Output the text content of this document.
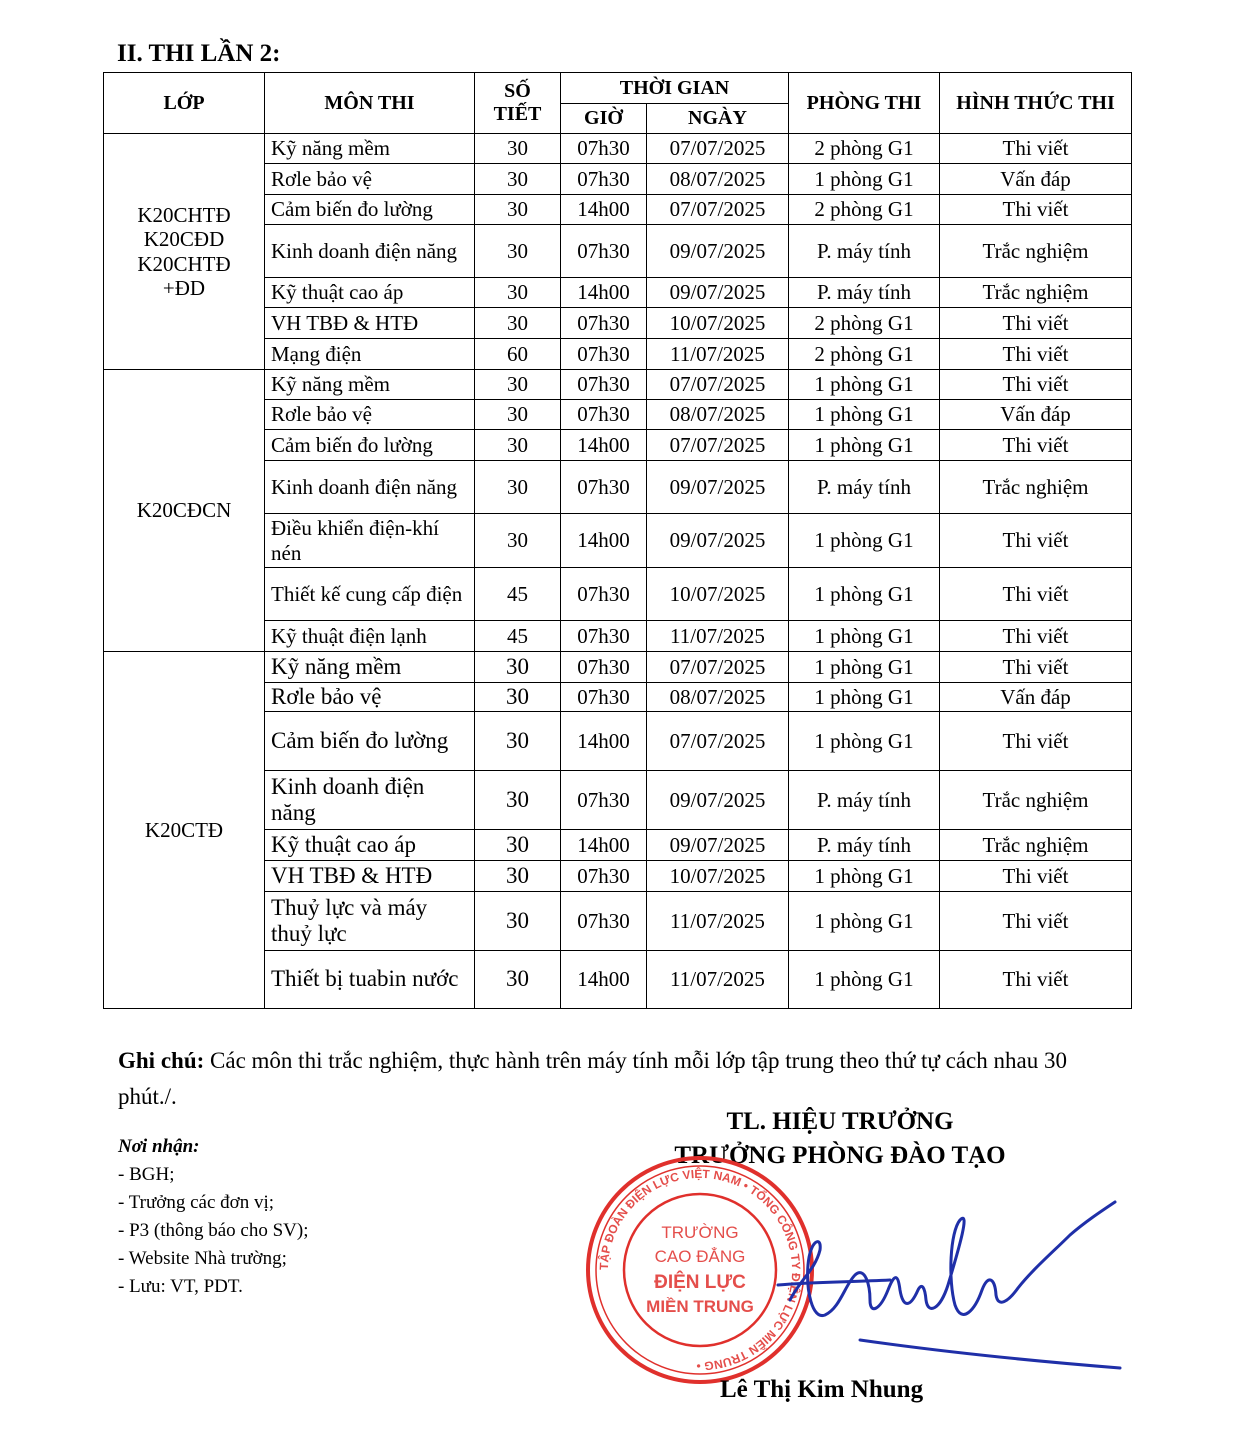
II. THI LẦN 2:
LỚP	MÔN THI	SỐ TIẾT	THỜI GIAN		PHÒNG THI	HÌNH THỨC THI
			GIỜ	NGÀY		

K20CHTĐ
K20CĐD
K20CHTĐ
+ĐD	Kỹ năng mềm	30	07h30	07/07/2025	2 phòng G1	Thi viết
	Rơle bảo vệ	30	07h30	08/07/2025	1 phòng G1	Vấn đáp
	Cảm biến đo lường	30	14h00	07/07/2025	2 phòng G1	Thi viết
	Kinh doanh điện năng	30	07h30	09/07/2025	P. máy tính	Trắc nghiệm
	Kỹ thuật cao áp	30	14h00	09/07/2025	P. máy tính	Trắc nghiệm
	VH TBĐ & HTĐ	30	07h30	10/07/2025	2 phòng G1	Thi viết
	Mạng điện	60	07h30	11/07/2025	2 phòng G1	Thi viết

K20CĐCN	Kỹ năng mềm	30	07h30	07/07/2025	1 phòng G1	Thi viết
	Rơle bảo vệ	30	07h30	08/07/2025	1 phòng G1	Vấn đáp
	Cảm biến đo lường	30	14h00	07/07/2025	1 phòng G1	Thi viết
	Kinh doanh điện năng	30	07h30	09/07/2025	P. máy tính	Trắc nghiệm
	Điều khiển điện-khí nén	30	14h00	09/07/2025	1 phòng G1	Thi viết
	Thiết kế cung cấp điện	45	07h30	10/07/2025	1 phòng G1	Thi viết
	Kỹ thuật điện lạnh	45	07h30	11/07/2025	1 phòng G1	Thi viết

K20CTĐ	Kỹ năng mềm	30	07h30	07/07/2025	1 phòng G1	Thi viết
	Rơle bảo vệ	30	07h30	08/07/2025	1 phòng G1	Vấn đáp
	Cảm biến đo lường	30	14h00	07/07/2025	1 phòng G1	Thi viết
	Kinh doanh điện năng	30	07h30	09/07/2025	P. máy tính	Trắc nghiệm
	Kỹ thuật cao áp	30	14h00	09/07/2025	P. máy tính	Trắc nghiệm
	VH TBĐ & HTĐ	30	07h30	10/07/2025	1 phòng G1	Thi viết
	Thuỷ lực và máy thuỷ lực	30	07h30	11/07/2025	1 phòng G1	Thi viết
	Thiết bị tuabin nước	30	14h00	11/07/2025	1 phòng G1	Thi viết

Ghi chú: Các môn thi trắc nghiệm, thực hành trên máy tính mỗi lớp tập trung theo thứ tự cách nhau 30 phút./.

Nơi nhận:
- BGH;
- Trưởng các đơn vị;
- P3 (thông báo cho SV);
- Website Nhà trường;
- Lưu: VT, PDT.
TL. HIỆU TRƯỞNG
TRƯỞNG PHÒNG ĐÀO TẠO
TẬP ĐOÀN ĐIỆN LỰC VIỆT NAM • TỔNG CÔNG TY ĐIỆN LỰC MIỀN TRUNG •
TRƯỜNG
CAO ĐẲNG
ĐIỆN LỰC
MIỀN TRUNG
Lê Thị Kim Nhung
